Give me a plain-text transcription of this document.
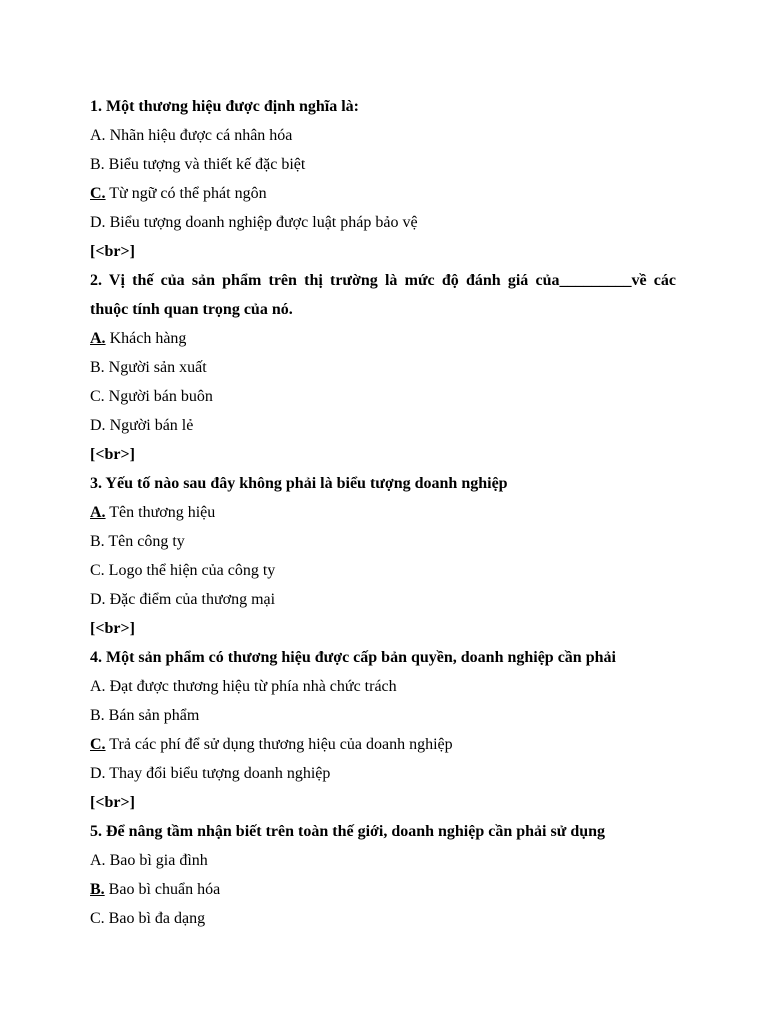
1. Một thương hiệu được định nghĩa là:
A. Nhãn hiệu được cá nhân hóa
B. Biểu tượng và thiết kế đặc biệt
C. Từ ngữ có thể phát ngôn
D. Biểu tượng doanh nghiệp được luật pháp bảo vệ
[<br>]
2. Vị thế của sản phẩm trên thị trường là mức độ đánh giá của_________về các
thuộc tính quan trọng của nó.
A. Khách hàng
B. Người sản xuất
C. Người bán buôn
D. Người bán lẻ
[<br>]
3. Yếu tố nào sau đây không phải là biểu tượng doanh nghiệp
A. Tên thương hiệu
B. Tên công ty
C. Logo thể hiện của công ty
D. Đặc điểm của thương mại
[<br>]
4. Một sản phẩm có thương hiệu được cấp bản quyền, doanh nghiệp cần phải
A. Đạt được thương hiệu từ phía nhà chức trách
B. Bán sản phẩm
C. Trả các phí để sử dụng thương hiệu của doanh nghiệp
D. Thay đổi biểu tượng doanh nghiệp
[<br>]
5. Để nâng tầm nhận biết trên toàn thế giới, doanh nghiệp cần phải sử dụng
A. Bao bì gia đình
B. Bao bì chuẩn hóa
C. Bao bì đa dạng
